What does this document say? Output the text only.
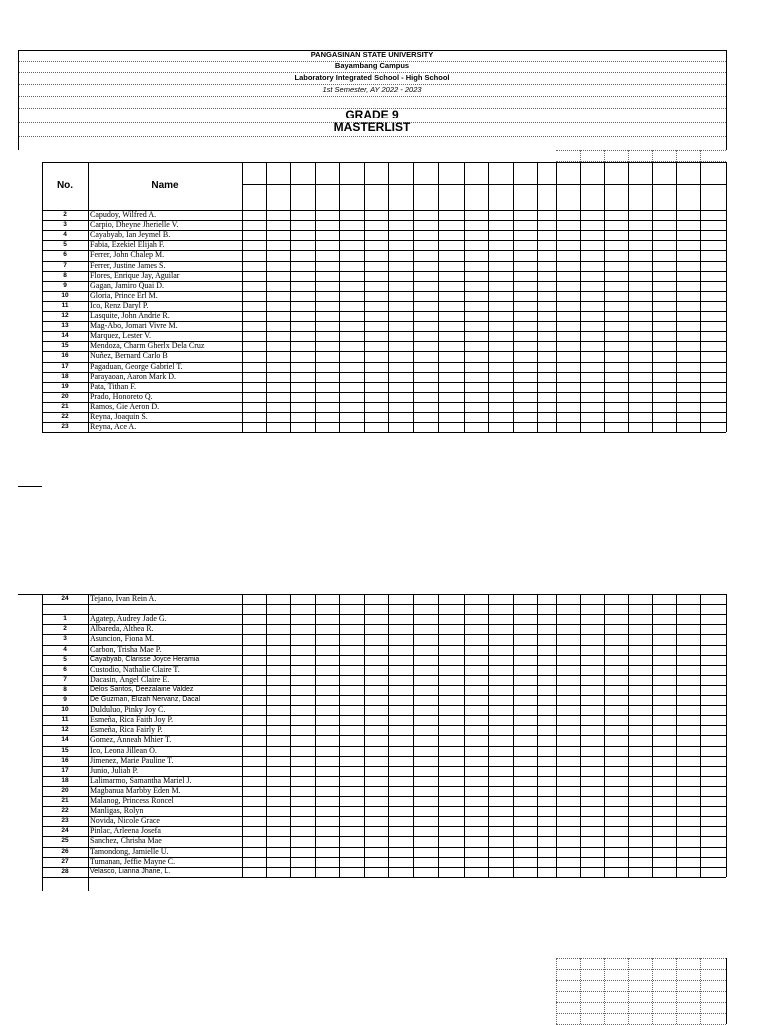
PANGASINAN STATE UNIVERSITY
Bayambang Campus
Laboratory Integrated School - High School
1st Semester, AY 2022 - 2023
GRADE 9
MASTERLIST
No.	Name
2	Capudoy, Wilfred A.
3	Carpio, Dheyne Jherielle V.
4	Cayabyab, Ian Jeymel B.
5	Fabia, Ezekiel Elijah F.
6	Ferrer, John Chalep M.
7	Ferrer, Justine James S.
8	Flores, Enrique Jay, Aguilar
9	Gagan, Jamiro Quai D.
10	Gloria, Prince Erl M.
11	Ico, Renz Daryl P.
12	Lasquite, John Andrie R.
13	Mag-Abo, Jomari Vivre M.
14	Marquez, Lester V.
15	Mendoza, Charm Gherlx Dela Cruz
16	Nuñez, Bernard Carlo B
17	Pagaduan, George Gabriel T.
18	Parayaoan, Aaron Mark D.
19	Pata, Tithan F.
20	Prado, Honoreto Q.
21	Ramos, Gie Aeron D.
22	Reyna, Joaquin S.
23	Reyna, Ace A.
24	Tejano, Ivan Rein A.
1	Agatep, Audrey Jade G.
2	Albareda, Althea R.
3	Asuncion, Fiona M.
4	Carbon, Trisha Mae P.
5	Cayabyab, Clarisse Joyce Heramia
6	Custodio, Nathalie Claire T.
7	Dacasin, Angel Claire E.
8	Delos Santos, Deezalaine Valdez
9	De Guzman, Elizah Nervanz, Dacal
10	Dulduluo, Pinky Joy C.
11	Esmeña, Rica Faith Joy P.
12	Esmeña, Rica Fairly P.
14	Gomez, Anneah Mhier T.
15	Ico, Leona Jillean O.
16	Jimenez, Marie Pauline T.
17	Junio, Juliah P.
18	Lalimarmo, Samantha Mariel J.
20	Magbanua Marbby Eden M.
21	Malanog, Princess Roncel
22	Manligas, Rolyn
23	Novida, Nicole Grace
24	Pinlac, Arleena Josefa
25	Sanchez, Chrisha Mae
26	Tamondong, Jamielle U.
27	Tumanan, Jeffie Mayne C.
28	Velasco, Lianna Jhane, L.
